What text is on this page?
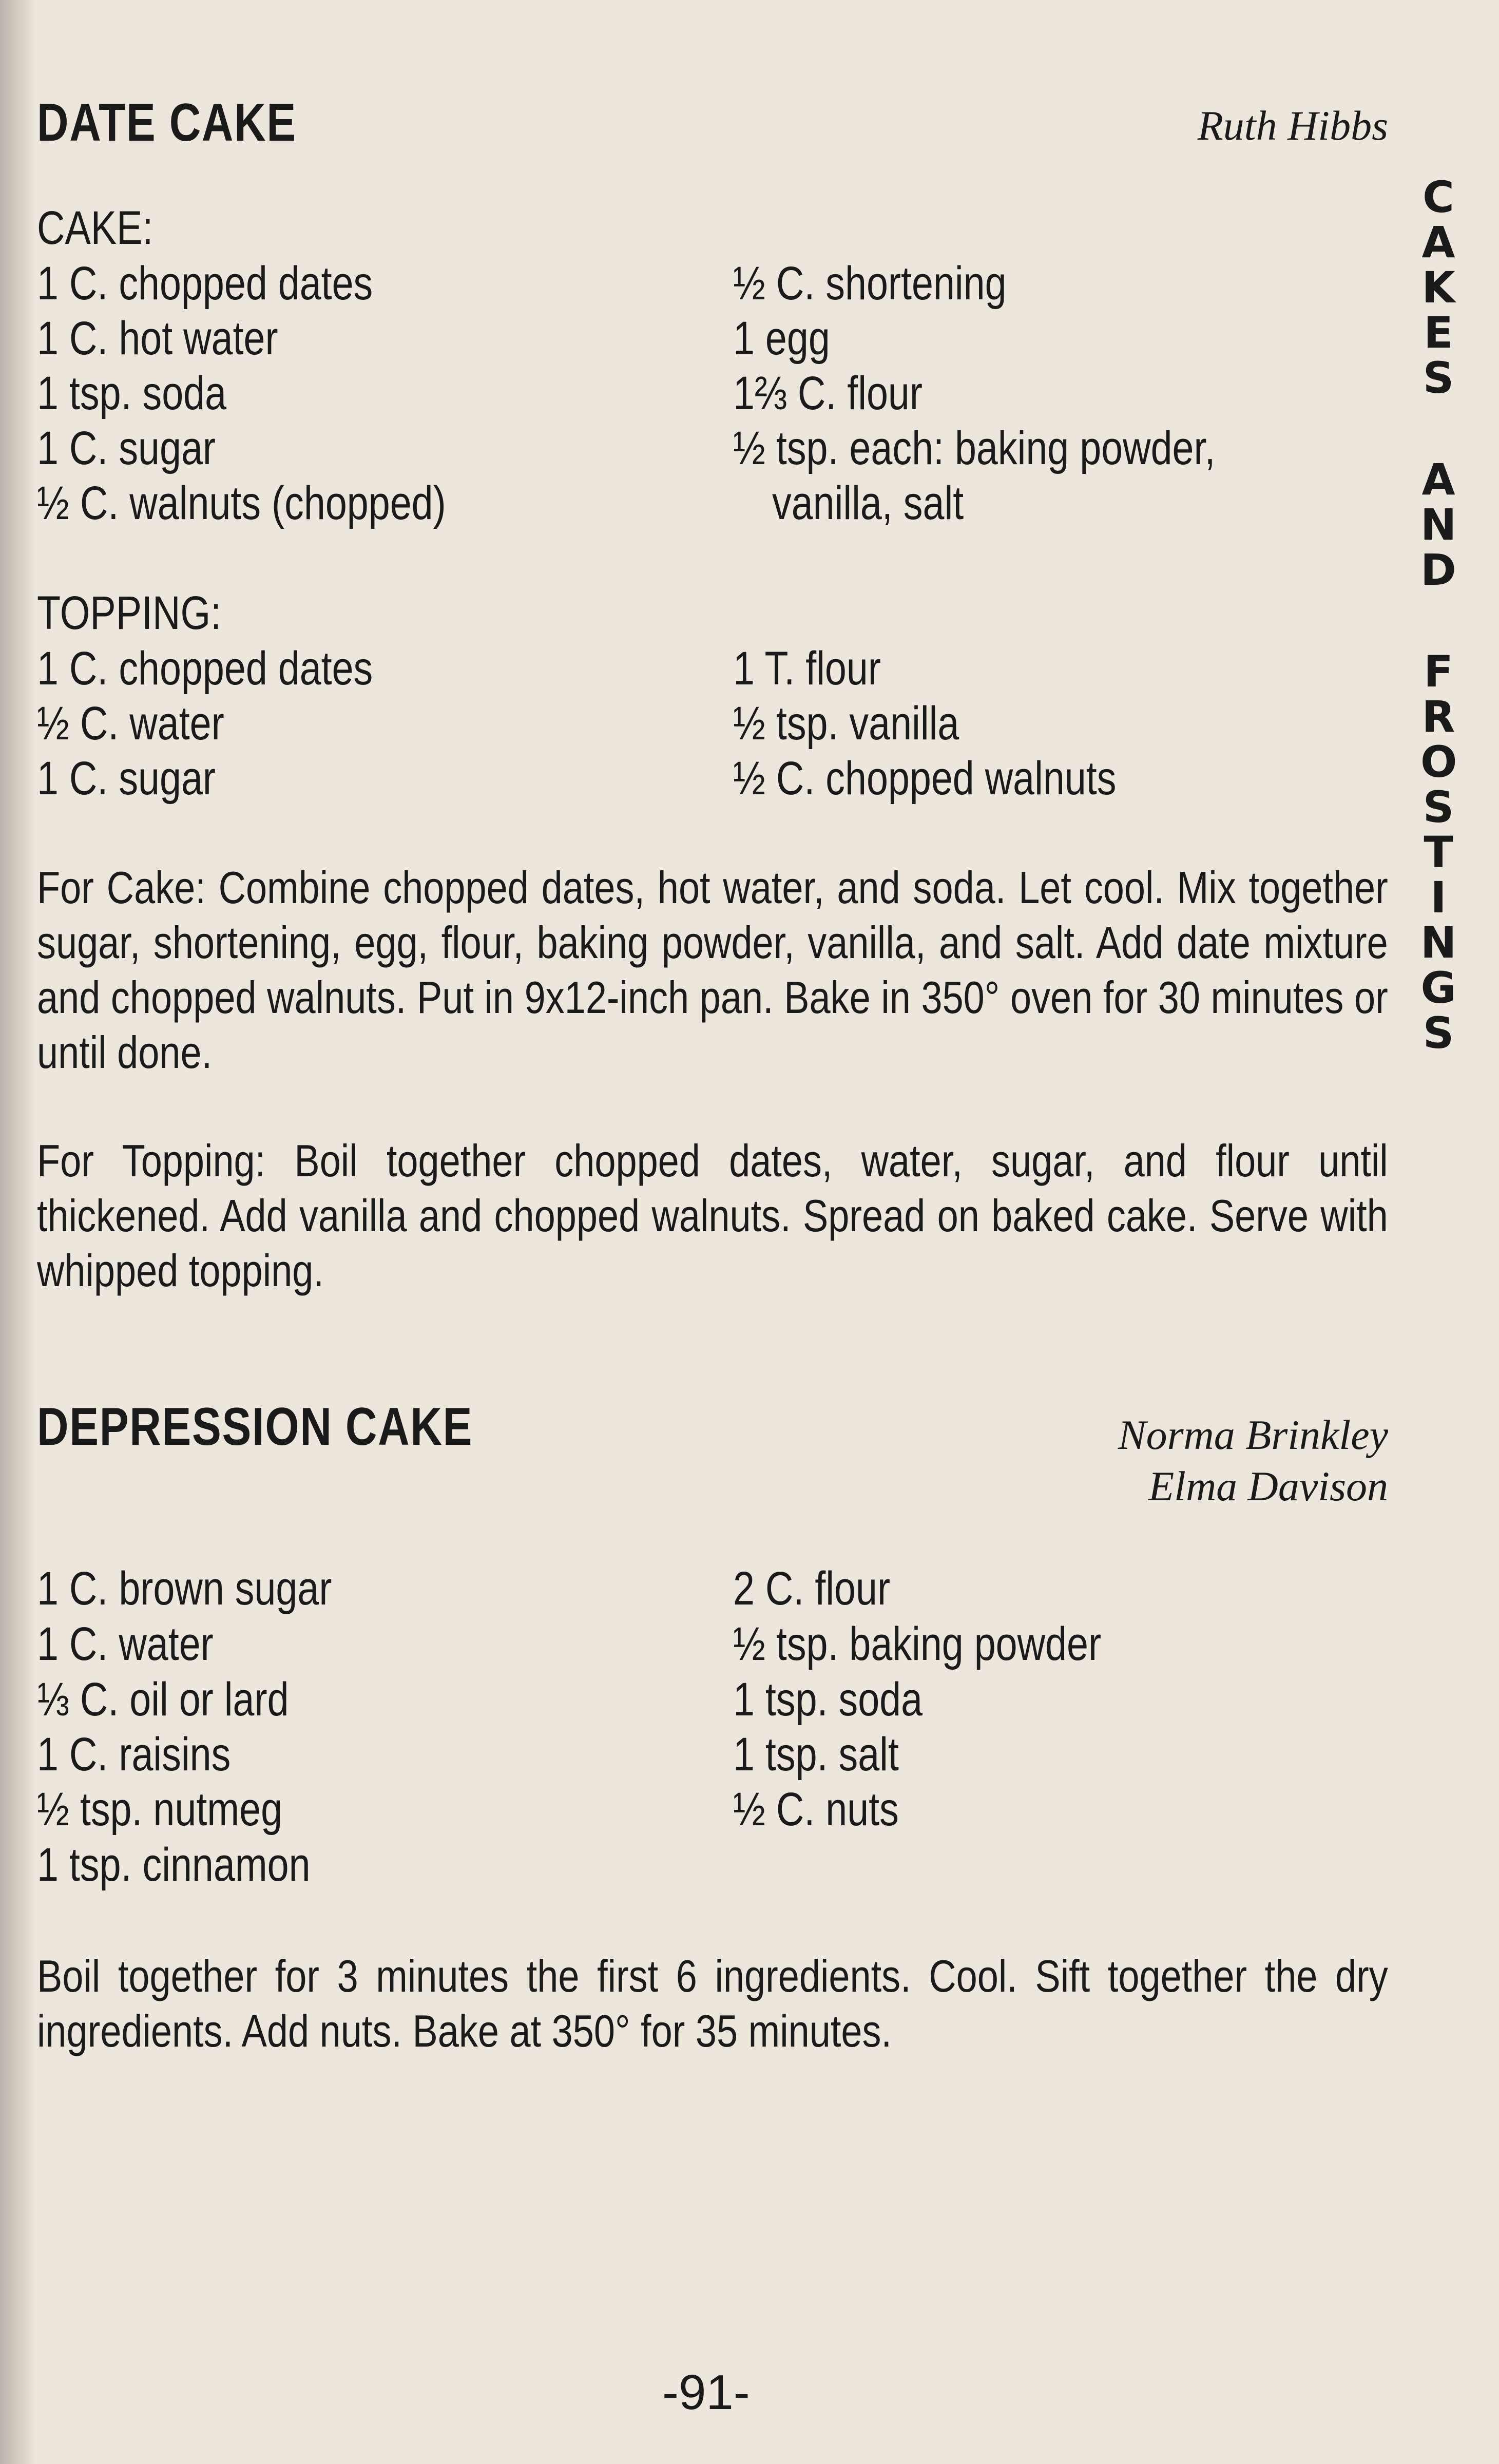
DATE CAKE	Ruth Hibbs
CAKE:
1 C. chopped dates
1 C. hot water
1 tsp. soda
1 C. sugar
½ C. walnuts (chopped)
½ C. shortening
1 egg
1⅔ C. flour
½ tsp. each: baking powder,
vanilla, salt
TOPPING:
1 C. chopped dates
½ C. water
1 C. sugar
1 T. flour
½ tsp. vanilla
½ C. chopped walnuts
For Cake: Combine chopped dates, hot water, and soda. Let cool. Mix together sugar, shortening, egg, flour, baking powder, vanilla, and salt. Add date mixture and chopped walnuts. Put in 9x12-inch pan. Bake in 350° oven for 30 minutes or until done.
For Topping: Boil together chopped dates, water, sugar, and flour until thickened. Add vanilla and chopped walnuts. Spread on baked cake. Serve with whipped topping.
DEPRESSION CAKE	Norma Brinkley
Elma Davison
1 C. brown sugar
1 C. water
⅓ C. oil or lard
1 C. raisins
½ tsp. nutmeg
1 tsp. cinnamon
2 C. flour
½ tsp. baking powder
1 tsp. soda
1 tsp. salt
½ C. nuts
Boil together for 3 minutes the first 6 ingredients. Cool. Sift together the dry ingredients. Add nuts. Bake at 350° for 35 minutes.
CAKES
AND
FROSTINGS
-91-
